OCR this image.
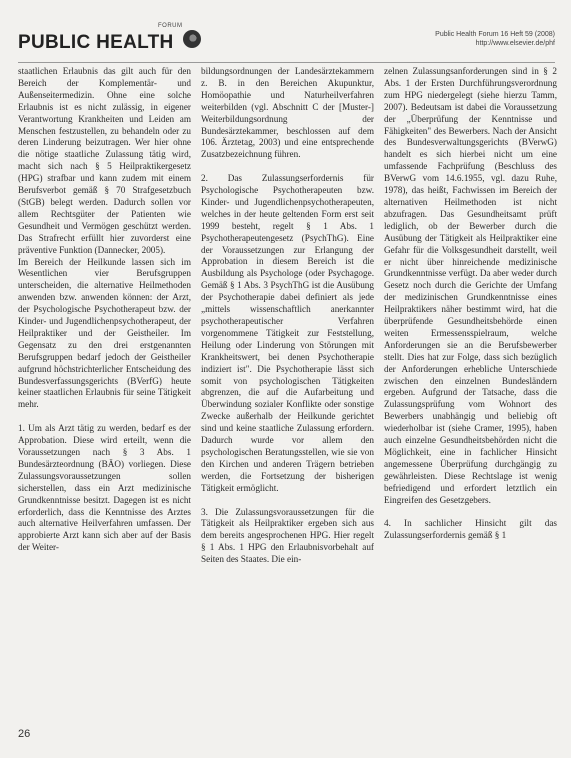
PUBLIC HEALTH
FORUM
Public Health Forum 16 Heft 59 (2008)
http://www.elsevier.de/phf

staatlichen Erlaubnis das gilt auch für den Bereich der Komplementär- und Außenseitermedizin. Ohne eine solche Erlaubnis ist es nicht zulässig, in eigener Verantwortung Krankheiten und Leiden am Menschen festzustellen, zu behandeln oder zu deren Linderung beizutragen. Wer hier ohne die nötige staatliche Zulassung tätig wird, macht sich nach § 5 Heilpraktikergesetz (HPG) strafbar und kann zudem mit einem Berufsverbot gemäß § 70 Strafgesetzbuch (StGB) belegt werden. Dadurch sollen vor allem Rechtsgüter der Patienten wie Gesundheit und Vermögen geschützt werden. Das Strafrecht erfüllt hier zuvorderst eine präventive Funktion (Dannecker, 2005).

Im Bereich der Heilkunde lassen sich im Wesentlichen vier Berufsgruppen unterscheiden, die alternative Heilmethoden anwenden bzw. anwenden können: der Arzt, der Psychologische Psychotherapeut bzw. der Kinder- und Jugendlichenpsychotherapeut, der Heilpraktiker und der Geistheiler. Im Gegensatz zu den drei erstgenannten Berufsgruppen bedarf jedoch der Geistheiler aufgrund höchstrichterlicher Entscheidung des Bundesverfassungsgerichts (BVerfG) heute keiner staatlichen Erlaubnis für seine Tätigkeit mehr.

1. Um als Arzt tätig zu werden, bedarf es der Approbation. Diese wird erteilt, wenn die Voraussetzungen nach § 3 Abs. 1 Bundesärzteordnung (BÄO) vorliegen. Diese Zulassungsvoraussetzungen sollen sicherstellen, dass ein Arzt medizinische Grundkenntnisse besitzt. Dagegen ist es nicht erforderlich, dass die Kenntnisse des Arztes auch alternative Heilverfahren umfassen. Der approbierte Arzt kann sich aber auf der Basis der Weiter-

bildungsordnungen der Landesärztekammern z. B. in den Bereichen Akupunktur, Homöopathie und Naturheilverfahren weiterbilden (vgl. Abschnitt C der [Muster-] Weiterbildungsordnung der Bundesärztekammer, beschlossen auf dem 106. Ärztetag, 2003) und eine entsprechende Zusatzbezeichnung führen.

2. Das Zulassungserfordernis für Psychologische Psychotherapeuten bzw. Kinder- und Jugendlichenpsychotherapeuten, welches in der heute geltenden Form erst seit 1999 besteht, regelt § 1 Abs. 1 Psychotherapeutengesetz (PsychThG). Eine der Voraussetzungen zur Erlangung der Approbation in diesem Bereich ist die Ausbildung als Psychologe (oder Psychagoge. Gemäß § 1 Abs. 3 PsychThG ist die Ausübung der Psychotherapie dabei definiert als jede „mittels wissenschaftlich anerkannter psychotherapeutischer Verfahren vorgenommene Tätigkeit zur Feststellung, Heilung oder Linderung von Störungen mit Krankheitswert, bei denen Psychotherapie indiziert ist". Die Psychotherapie lässt sich somit von psychologischen Tätigkeiten abgrenzen, die auf die Aufarbeitung und Überwindung sozialer Konflikte oder sonstige Zwecke außerhalb der Heilkunde gerichtet sind und keine staatliche Zulassung erfordern. Dadurch wurde vor allem den psychologischen Beratungsstellen, wie sie von den Kirchen und anderen Trägern betrieben werden, die Fortsetzung der bisherigen Tätigkeit ermöglicht.

3. Die Zulassungsvoraussetzungen für die Tätigkeit als Heilpraktiker ergeben sich aus dem bereits angesprochenen HPG. Hier regelt § 1 Abs. 1 HPG den Erlaubnisvorbehalt auf Seiten des Staates. Die ein-

zelnen Zulassungsanforderungen sind in § 2 Abs. 1 der Ersten Durchführungsverordnung zum HPG niedergelegt (siehe hierzu Tamm, 2007). Bedeutsam ist dabei die Voraussetzung der „Überprüfung der Kenntnisse und Fähigkeiten" des Bewerbers. Nach der Ansicht des Bundesverwaltungsgerichts (BVerwG) handelt es sich hierbei nicht um eine umfassende Fachprüfung (Beschluss des BVerwG vom 14.6.1955, vgl. dazu Ruhe, 1978), das heißt, Fachwissen im Bereich der alternativen Heilmethoden ist nicht abzufragen. Das Gesundheitsamt prüft lediglich, ob der Bewerber durch die Ausübung der Tätigkeit als Heilpraktiker eine Gefahr für die Volksgesundheit darstellt, weil er nicht über hinreichende medizinische Grundkenntnisse verfügt. Da aber weder durch Gesetz noch durch die Gerichte der Umfang der medizinischen Grundkenntnisse eines Heilpraktikers näher bestimmt wird, hat die überprüfende Gesundheitsbehörde einen weiten Ermessensspielraum, welche Anforderungen sie an die Berufsbewerber stellt. Dies hat zur Folge, dass sich bezüglich der Anforderungen erhebliche Unterschiede zwischen den einzelnen Bundesländern ergeben. Aufgrund der Tatsache, dass die Zulassungsprüfung vom Wohnort des Bewerbers unabhängig und beliebig oft wiederholbar ist (siehe Cramer, 1995), haben auch einzelne Gesundheitsbehörden nicht die Möglichkeit, eine in fachlicher Hinsicht angemessene Überprüfung durchgängig zu gewährleisten. Diese Rechtslage ist wenig befriedigend und erfordert letztlich ein Eingreifen des Gesetzgebers.

4. In sachlicher Hinsicht gilt das Zulassungserfordernis gemäß § 1

26
